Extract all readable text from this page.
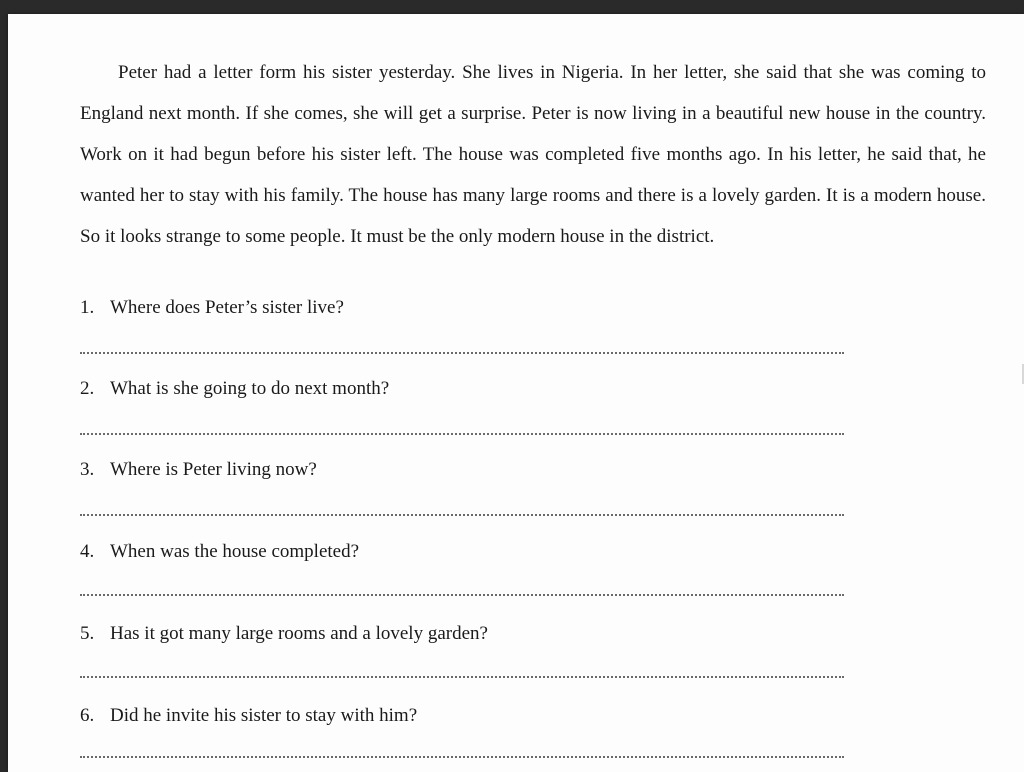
Peter had a letter form his sister yesterday. She lives in Nigeria. In her letter, she said that she was coming to England next month. If she comes, she will get a surprise. Peter is now living in a beautiful new house in the country. Work on it had begun before his sister left. The house was completed five months ago. In his letter, he said that, he wanted her to stay with his family. The house has many large rooms and there is a lovely garden. It is a modern house. So it looks strange to some people. It must be the only modern house in the district.

1. Where does Peter’s sister live?
2. What is she going to do next month?
3. Where is Peter living now?
4. When was the house completed?
5. Has it got many large rooms and a lovely garden?
6. Did he invite his sister to stay with him?
